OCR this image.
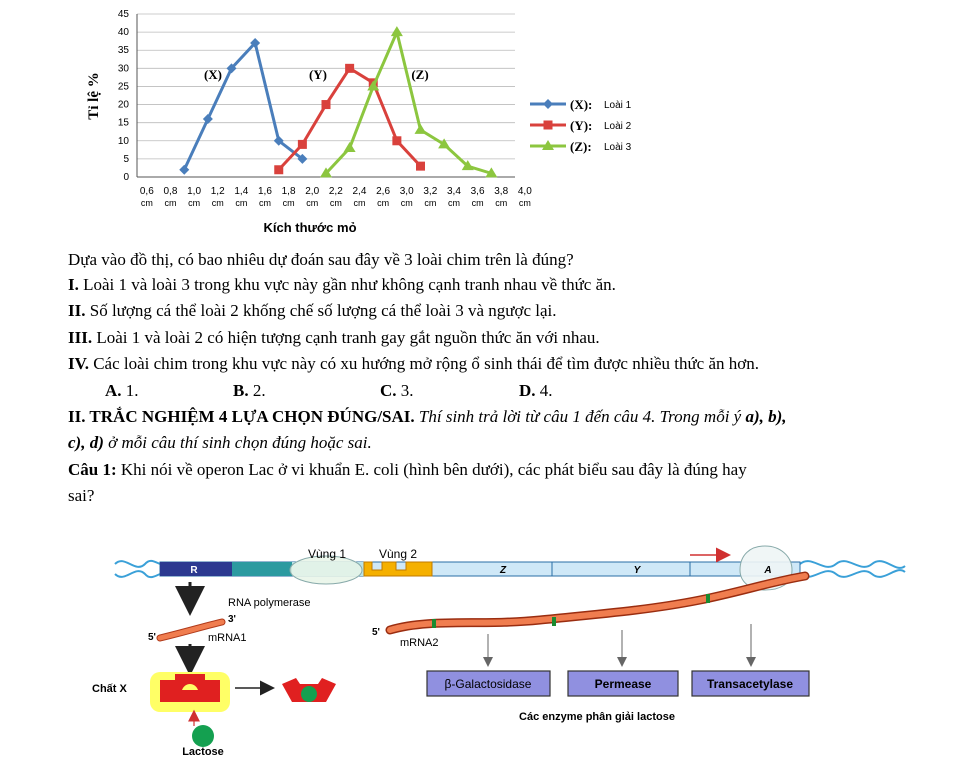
0
5
10
15
20
25
30
35
40
45
0,6
cm
0,8
cm
1,0
cm
1,2
cm
1,4
cm
1,6
cm
1,8
cm
2,0
cm
2,2
cm
2,4
cm
2,6
cm
3,0
cm
3,2
cm
3,4
cm
3,6
cm
3,8
cm
4,0
cm
(X)	(Y)	(Z)
(X): Loài 1
(Y): Loài 2
(Z): Loài 3
Tỉ lệ %
Kích thước mỏ
Dựa vào đồ thị, có bao nhiêu dự đoán sau đây về 3 loài chim trên là đúng?
I. Loài 1 và loài 3 trong khu vực này gần như không cạnh tranh nhau về thức ăn.
II. Số lượng cá thể loài 2 khống chế số lượng cá thể loài 3 và ngược lại.
III. Loài 1 và loài 2 có hiện tượng cạnh tranh gay gắt nguồn thức ăn với nhau.
IV. Các loài chim trong khu vực này có xu hướng mở rộng ổ sinh thái để tìm được nhiều thức ăn hơn.
A. 1.	B. 2.	C. 3.	D. 4.
II. TRẮC NGHIỆM 4 LỰA CHỌN ĐÚNG/SAI. Thí sinh trả lời từ câu 1 đến câu 4. Trong mỗi ý a), b),
c), d) ở mỗi câu thí sinh chọn đúng hoặc sai.
Câu 1: Khi nói về operon Lac ở vi khuẩn E. coli (hình bên dưới), các phát biểu sau đây là đúng hay
sai?
R	Z	Y	A
Vùng 1	Vùng 2
RNA polymerase
3'
5'	mRNA1
Chất X
Lactose
5'
mRNA2
β-Galactosidase	Permease	Transacetylase
Các enzyme phân giải lactose
